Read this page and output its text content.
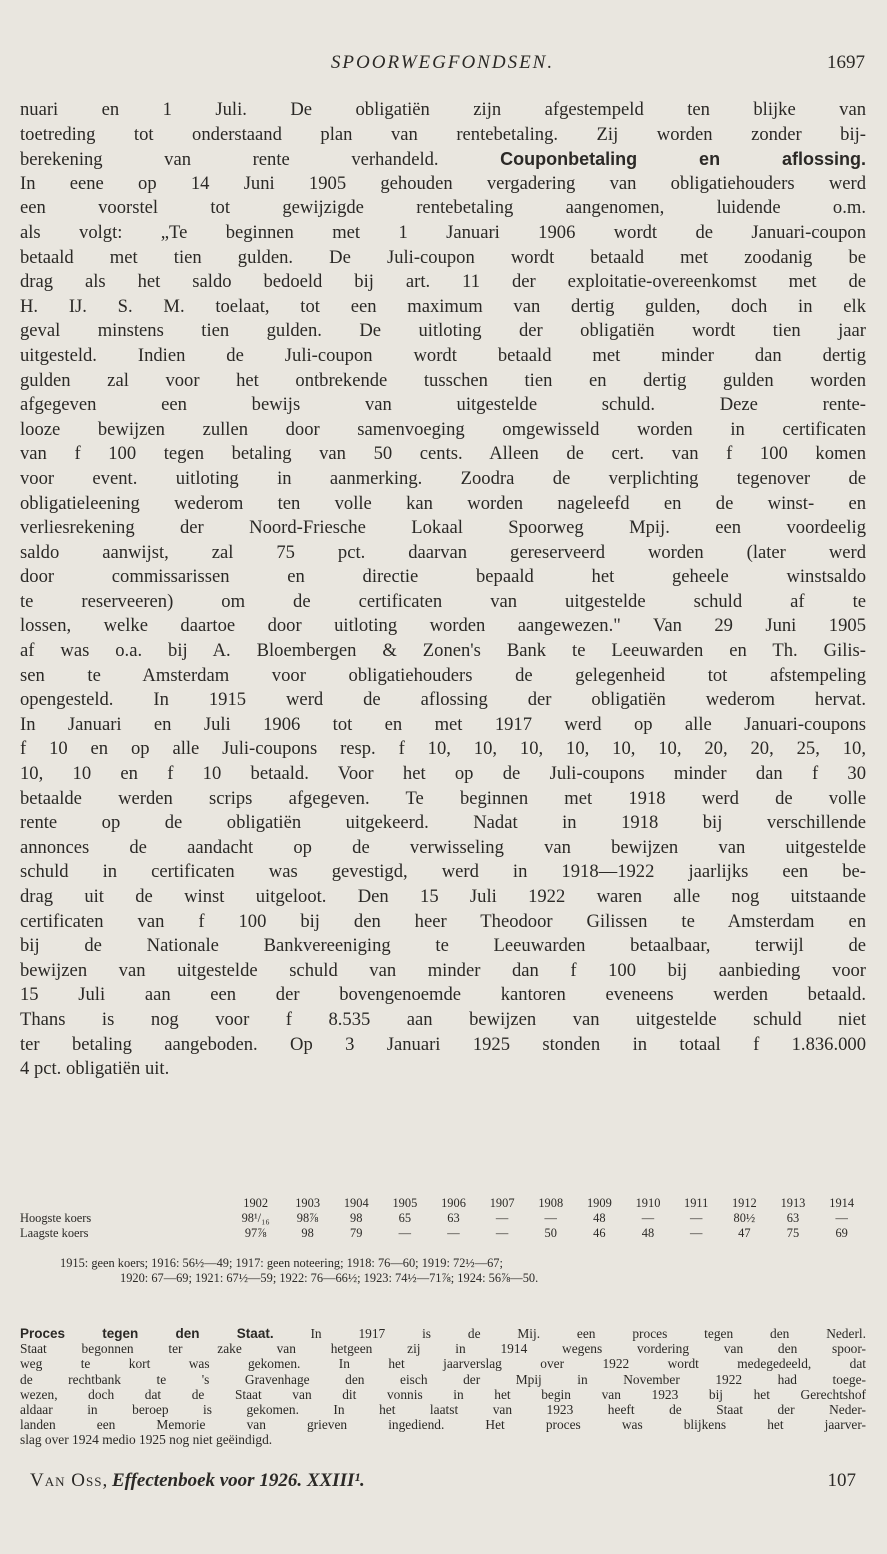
SPOORWEGFONDSEN.	1697
nuari en 1 Juli. De obligatiën zijn afgestempeld ten blijke van
toetreding tot onderstaand plan van rentebetaling. Zij worden zonder bij-
berekening van rente verhandeld.	Couponbetaling en aflossing.
In eene op 14 Juni 1905 gehouden vergadering van obligatiehouders werd
een voorstel tot gewijzigde rentebetaling aangenomen, luidende o.m.
als volgt: „Te beginnen met 1 Januari 1906 wordt de Januari-coupon
betaald met tien gulden. De Juli-coupon wordt betaald met zoodanig be
drag als het saldo bedoeld bij art. 11 der exploitatie-overeenkomst met de
H. IJ. S. M. toelaat, tot een maximum van dertig gulden, doch in elk
geval minstens tien gulden. De uitloting der obligatiën wordt tien jaar
uitgesteld. Indien de Juli-coupon wordt betaald met minder dan dertig
gulden zal voor het ontbrekende tusschen tien en dertig gulden worden
afgegeven een bewijs van uitgestelde schuld. Deze rente-
looze bewijzen zullen door samenvoeging omgewisseld worden in certificaten
van f 100 tegen betaling van 50 cents. Alleen de cert. van f 100 komen
voor event. uitloting in aanmerking. Zoodra de verplichting tegenover de
obligatieleening wederom ten volle kan worden nageleefd en de winst- en
verliesrekening der Noord-Friesche Lokaal Spoorweg Mpij. een voordeelig
saldo aanwijst, zal 75 pct. daarvan gereserveerd worden (later werd
door commissarissen en directie bepaald het geheele winstsaldo
te reserveeren) om de certificaten van uitgestelde schuld af te
lossen, welke daartoe door uitloting worden aangewezen." Van 29 Juni 1905
af was o.a. bij A. Bloembergen & Zonen's Bank te Leeuwarden en Th. Gilis-
sen te Amsterdam voor obligatiehouders de gelegenheid tot afstempeling
opengesteld. In 1915 werd de aflossing der obligatiën wederom hervat.
In Januari en Juli 1906 tot en met 1917 werd op alle Januari-coupons
f 10 en op alle Juli-coupons resp. f 10, 10, 10, 10, 10, 10, 20, 20, 25, 10,
10, 10 en f 10 betaald. Voor het op de Juli-coupons minder dan f 30
betaalde werden scrips afgegeven. Te beginnen met 1918 werd de volle
rente op de obligatiën uitgekeerd. Nadat in 1918 bij verschillende
annonces de aandacht op de verwisseling van bewijzen van uitgestelde
schuld in certificaten was gevestigd, werd in 1918—1922 jaarlijks een be-
drag uit de winst uitgeloot. Den 15 Juli 1922 waren alle nog uitstaande
certificaten van f 100 bij den heer Theodoor Gilissen te Amsterdam en
bij de Nationale Bankvereeniging te Leeuwarden betaalbaar, terwijl de
bewijzen van uitgestelde schuld van minder dan f 100 bij aanbieding voor
15 Juli aan een der bovengenoemde kantoren eveneens werden betaald.
Thans is nog voor f 8.535 aan bewijzen van uitgestelde schuld niet
ter betaling aangeboden. Op 3 Januari 1925 stonden in totaal f 1.836.000
4 pct. obligatiën uit.
	1902	1903	1904	1905	1906	1907	1908	1909	1910	1911	1912	1913	1914
Hoogste koers	98¹/₁₆	98⅞	98	65	63	—	—	48	—	—	80½	63	—
Laagste koers	97⅞	98	79	—	—	—	50	46	48	—	47	75	69
1915: geen koers; 1916: 56½—49; 1917: geen noteering; 1918: 76—60; 1919: 72½—67;
1920: 67—69; 1921: 67½—59; 1922: 76—66½; 1923: 74½—71⅞; 1924: 56⅞—50.
Proces tegen den Staat.	In 1917 is de Mij. een proces tegen den Nederl.
Staat begonnen ter zake van hetgeen zij in 1914 wegens vordering van den spoor-
weg te kort was gekomen. In het jaarverslag over 1922 wordt medegedeeld, dat
de rechtbank te 's Gravenhage den eisch der Mpij in November 1922 had toege-
wezen, doch dat de Staat van dit vonnis in het begin van 1923 bij het Gerechtshof
aldaar in beroep is gekomen. In het laatst van 1923 heeft de Staat der Neder-
landen een Memorie van grieven ingediend. Het proces was blijkens het jaarver-
slag over 1924 medio 1925 nog niet geëindigd.
Van Oss, Effectenboek voor 1926. XXIII¹.	107
